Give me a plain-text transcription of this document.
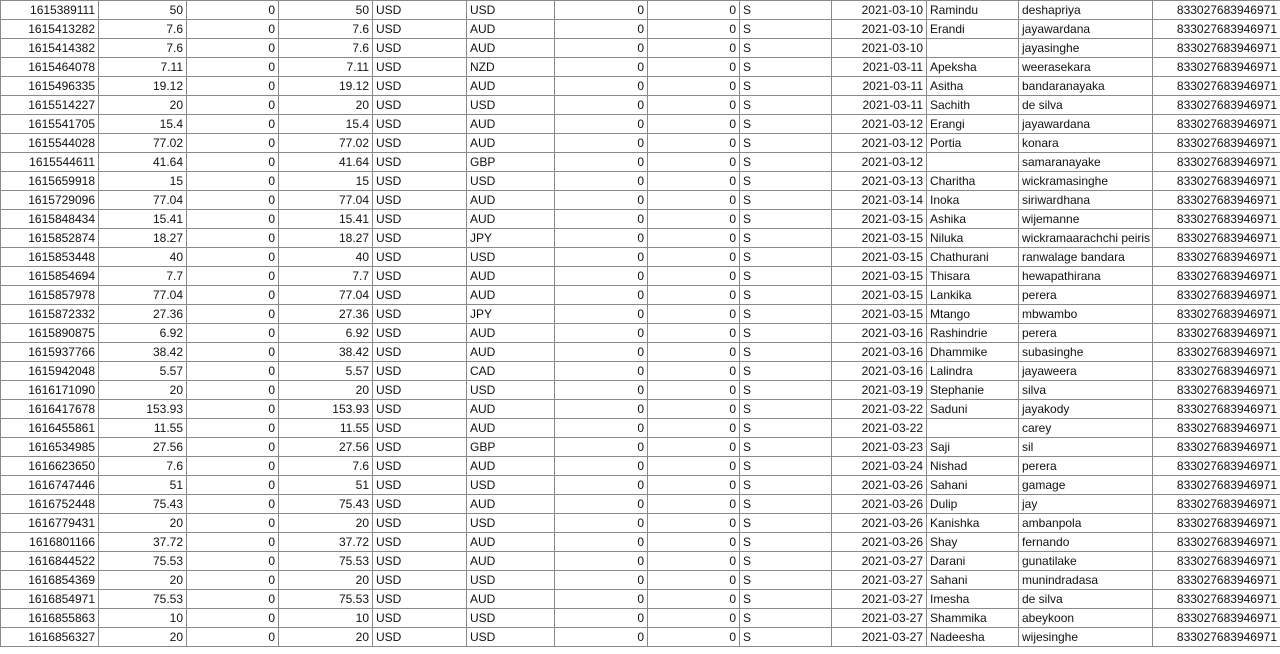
1615389111	50	0	50	USD	USD	0	0	S	2021-03-10	Ramindu	deshapriya	833027683946971
1615413282	7.6	0	7.6	USD	AUD	0	0	S	2021-03-10	Erandi	jayawardana	833027683946971
1615414382	7.6	0	7.6	USD	AUD	0	0	S	2021-03-10		jayasinghe	833027683946971
1615464078	7.11	0	7.11	USD	NZD	0	0	S	2021-03-11	Apeksha	weerasekara	833027683946971
1615496335	19.12	0	19.12	USD	AUD	0	0	S	2021-03-11	Asitha	bandaranayaka	833027683946971
1615514227	20	0	20	USD	USD	0	0	S	2021-03-11	Sachith	de silva	833027683946971
1615541705	15.4	0	15.4	USD	AUD	0	0	S	2021-03-12	Erangi	jayawardana	833027683946971
1615544028	77.02	0	77.02	USD	AUD	0	0	S	2021-03-12	Portia	konara	833027683946971
1615544611	41.64	0	41.64	USD	GBP	0	0	S	2021-03-12		samaranayake	833027683946971
1615659918	15	0	15	USD	USD	0	0	S	2021-03-13	Charitha	wickramasinghe	833027683946971
1615729096	77.04	0	77.04	USD	AUD	0	0	S	2021-03-14	Inoka	siriwardhana	833027683946971
1615848434	15.41	0	15.41	USD	AUD	0	0	S	2021-03-15	Ashika	wijemanne	833027683946971
1615852874	18.27	0	18.27	USD	JPY	0	0	S	2021-03-15	Niluka	wickramaarachchi peiris	833027683946971
1615853448	40	0	40	USD	USD	0	0	S	2021-03-15	Chathurani	ranwalage bandara	833027683946971
1615854694	7.7	0	7.7	USD	AUD	0	0	S	2021-03-15	Thisara	hewapathirana	833027683946971
1615857978	77.04	0	77.04	USD	AUD	0	0	S	2021-03-15	Lankika	perera	833027683946971
1615872332	27.36	0	27.36	USD	JPY	0	0	S	2021-03-15	Mtango	mbwambo	833027683946971
1615890875	6.92	0	6.92	USD	AUD	0	0	S	2021-03-16	Rashindrie	perera	833027683946971
1615937766	38.42	0	38.42	USD	AUD	0	0	S	2021-03-16	Dhammike	subasinghe	833027683946971
1615942048	5.57	0	5.57	USD	CAD	0	0	S	2021-03-16	Lalindra	jayaweera	833027683946971
1616171090	20	0	20	USD	USD	0	0	S	2021-03-19	Stephanie	silva	833027683946971
1616417678	153.93	0	153.93	USD	AUD	0	0	S	2021-03-22	Saduni	jayakody	833027683946971
1616455861	11.55	0	11.55	USD	AUD	0	0	S	2021-03-22		carey	833027683946971
1616534985	27.56	0	27.56	USD	GBP	0	0	S	2021-03-23	Saji	sil	833027683946971
1616623650	7.6	0	7.6	USD	AUD	0	0	S	2021-03-24	Nishad	perera	833027683946971
1616747446	51	0	51	USD	USD	0	0	S	2021-03-26	Sahani	gamage	833027683946971
1616752448	75.43	0	75.43	USD	AUD	0	0	S	2021-03-26	Dulip	jay	833027683946971
1616779431	20	0	20	USD	USD	0	0	S	2021-03-26	Kanishka	ambanpola	833027683946971
1616801166	37.72	0	37.72	USD	AUD	0	0	S	2021-03-26	Shay	fernando	833027683946971
1616844522	75.53	0	75.53	USD	AUD	0	0	S	2021-03-27	Darani	gunatilake	833027683946971
1616854369	20	0	20	USD	USD	0	0	S	2021-03-27	Sahani	munindradasa	833027683946971
1616854971	75.53	0	75.53	USD	AUD	0	0	S	2021-03-27	Imesha	de silva	833027683946971
1616855863	10	0	10	USD	USD	0	0	S	2021-03-27	Shammika	abeykoon	833027683946971
1616856327	20	0	20	USD	USD	0	0	S	2021-03-27	Nadeesha	wijesinghe	833027683946971
